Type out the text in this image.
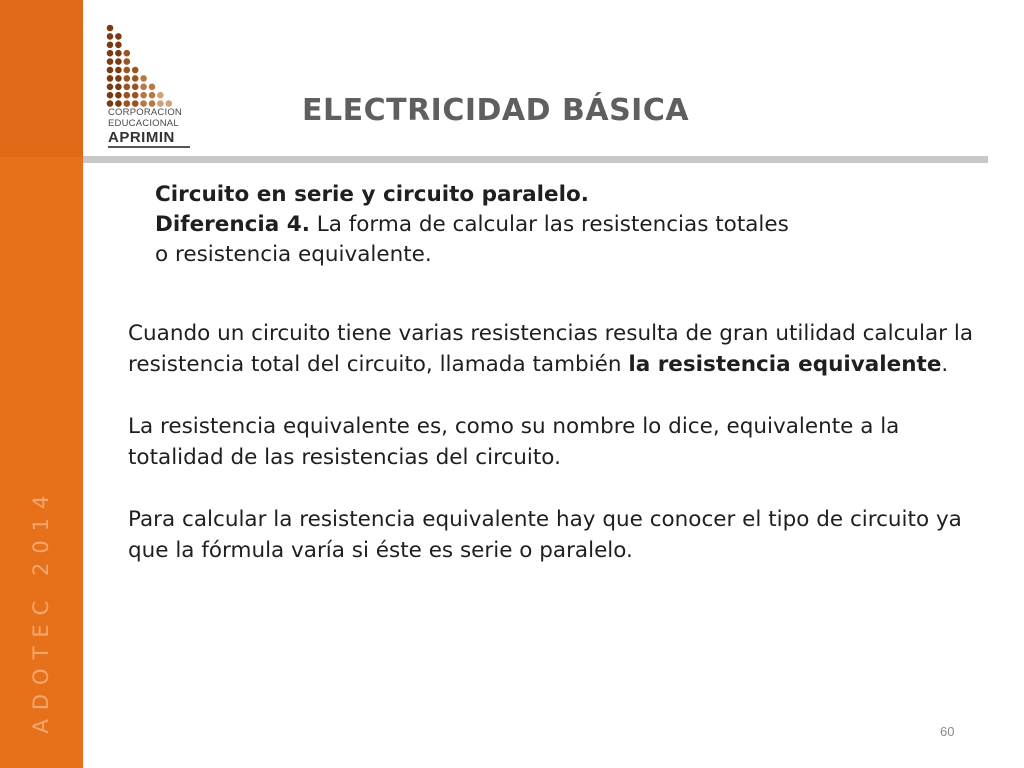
ADOTEC 2014
CORPORACION
EDUCACIONAL
APRIMIN
ELECTRICIDAD BÁSICA

Circuito en serie y circuito paralelo.

Diferencia 4. La forma de calcular las resistencias totales

o resistencia equivalente.

Cuando un circuito tiene varias resistencias resulta de gran utilidad calcular la resistencia total del circuito, llamada también la resistencia equivalente.

La resistencia equivalente es, como su nombre lo dice, equivalente a la totalidad de las resistencias del circuito.

Para calcular la resistencia equivalente hay que conocer el tipo de circuito ya que la fórmula varía si éste es serie o paralelo.

60
